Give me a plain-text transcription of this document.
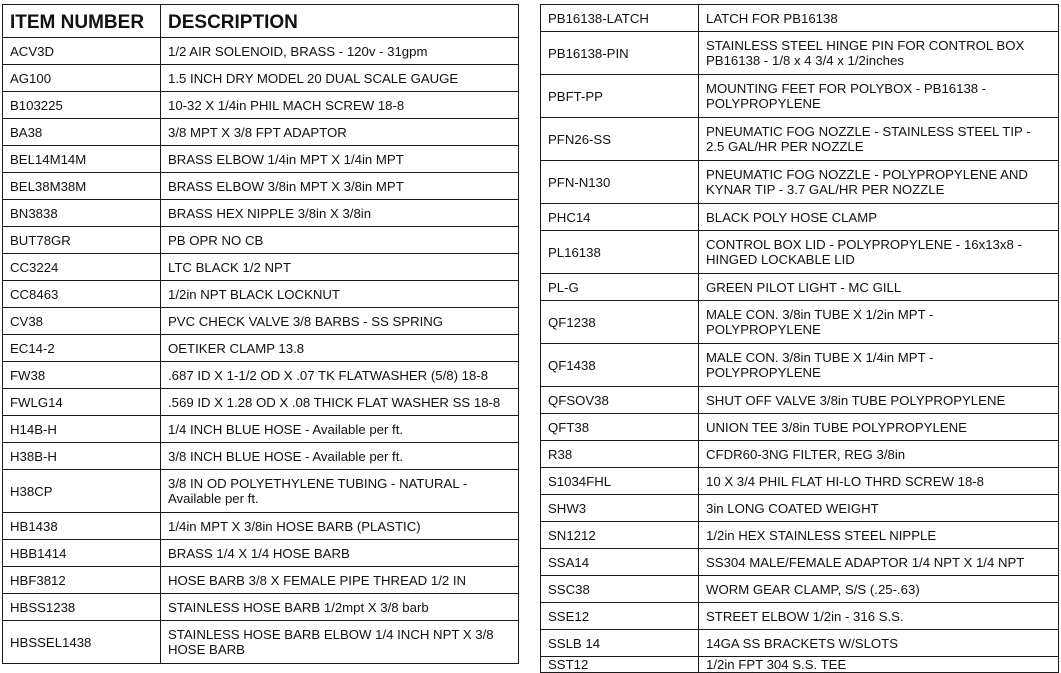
ITEM NUMBER	DESCRIPTION
ACV3D	1/2 AIR SOLENOID, BRASS - 120v - 31gpm
AG100	1.5 INCH DRY MODEL 20 DUAL SCALE GAUGE
B103225	10-32 X 1/4in PHIL MACH SCREW 18-8
BA38	3/8 MPT X 3/8 FPT ADAPTOR
BEL14M14M	BRASS ELBOW 1/4in MPT X 1/4in MPT
BEL38M38M	BRASS ELBOW 3/8in MPT X 3/8in MPT
BN3838	BRASS HEX NIPPLE 3/8in X 3/8in
BUT78GR	PB OPR NO CB
CC3224	LTC BLACK 1/2 NPT
CC8463	1/2in NPT BLACK LOCKNUT
CV38	PVC CHECK VALVE 3/8 BARBS - SS SPRING
EC14-2	OETIKER CLAMP 13.8
FW38	.687 ID X 1-1/2 OD X .07 TK FLATWASHER (5/8) 18-8
FWLG14	.569 ID X 1.28 OD X .08 THICK FLAT WASHER SS 18-8
H14B-H	1/4 INCH BLUE HOSE - Available per ft.
H38B-H	3/8 INCH BLUE HOSE - Available per ft.
H38CP	3/8 IN OD POLYETHYLENE TUBING - NATURAL - Available per ft.
HB1438	1/4in MPT X 3/8in HOSE BARB (PLASTIC)
HBB1414	BRASS 1/4 X 1/4 HOSE BARB
HBF3812	HOSE BARB 3/8 X FEMALE PIPE THREAD 1/2 IN
HBSS1238	STAINLESS HOSE BARB 1/2mpt X 3/8 barb
HBSSEL1438	STAINLESS HOSE BARB ELBOW 1/4 INCH NPT X 3/8 HOSE BARB
PB16138-LATCH	LATCH FOR PB16138
PB16138-PIN	STAINLESS STEEL HINGE PIN FOR CONTROL BOX PB16138 - 1/8 x 4 3/4 x 1/2inches
PBFT-PP	MOUNTING FEET FOR POLYBOX - PB16138 - POLYPROPYLENE
PFN26-SS	PNEUMATIC FOG NOZZLE - STAINLESS STEEL TIP - 2.5 GAL/HR PER NOZZLE
PFN-N130	PNEUMATIC FOG NOZZLE - POLYPROPYLENE AND KYNAR TIP - 3.7 GAL/HR PER NOZZLE
PHC14	BLACK POLY HOSE CLAMP
PL16138	CONTROL BOX LID - POLYPROPYLENE - 16x13x8 - HINGED LOCKABLE LID
PL-G	GREEN PILOT LIGHT - MC GILL
QF1238	MALE CON. 3/8in TUBE X 1/2in MPT - POLYPROPYLENE
QF1438	MALE CON. 3/8in TUBE X 1/4in MPT - POLYPROPYLENE
QFSOV38	SHUT OFF VALVE 3/8in TUBE POLYPROPYLENE
QFT38	UNION TEE 3/8in TUBE POLYPROPYLENE
R38	CFDR60-3NG FILTER, REG 3/8in
S1034FHL	10 X 3/4 PHIL FLAT HI-LO THRD SCREW 18-8
SHW3	3in LONG COATED WEIGHT
SN1212	1/2in HEX STAINLESS STEEL NIPPLE
SSA14	SS304 MALE/FEMALE ADAPTOR 1/4 NPT X 1/4 NPT
SSC38	WORM GEAR CLAMP, S/S (.25-.63)
SSE12	STREET ELBOW 1/2in - 316 S.S.
SSLB 14	14GA SS BRACKETS W/SLOTS
SST12	1/2in FPT 304 S.S. TEE
